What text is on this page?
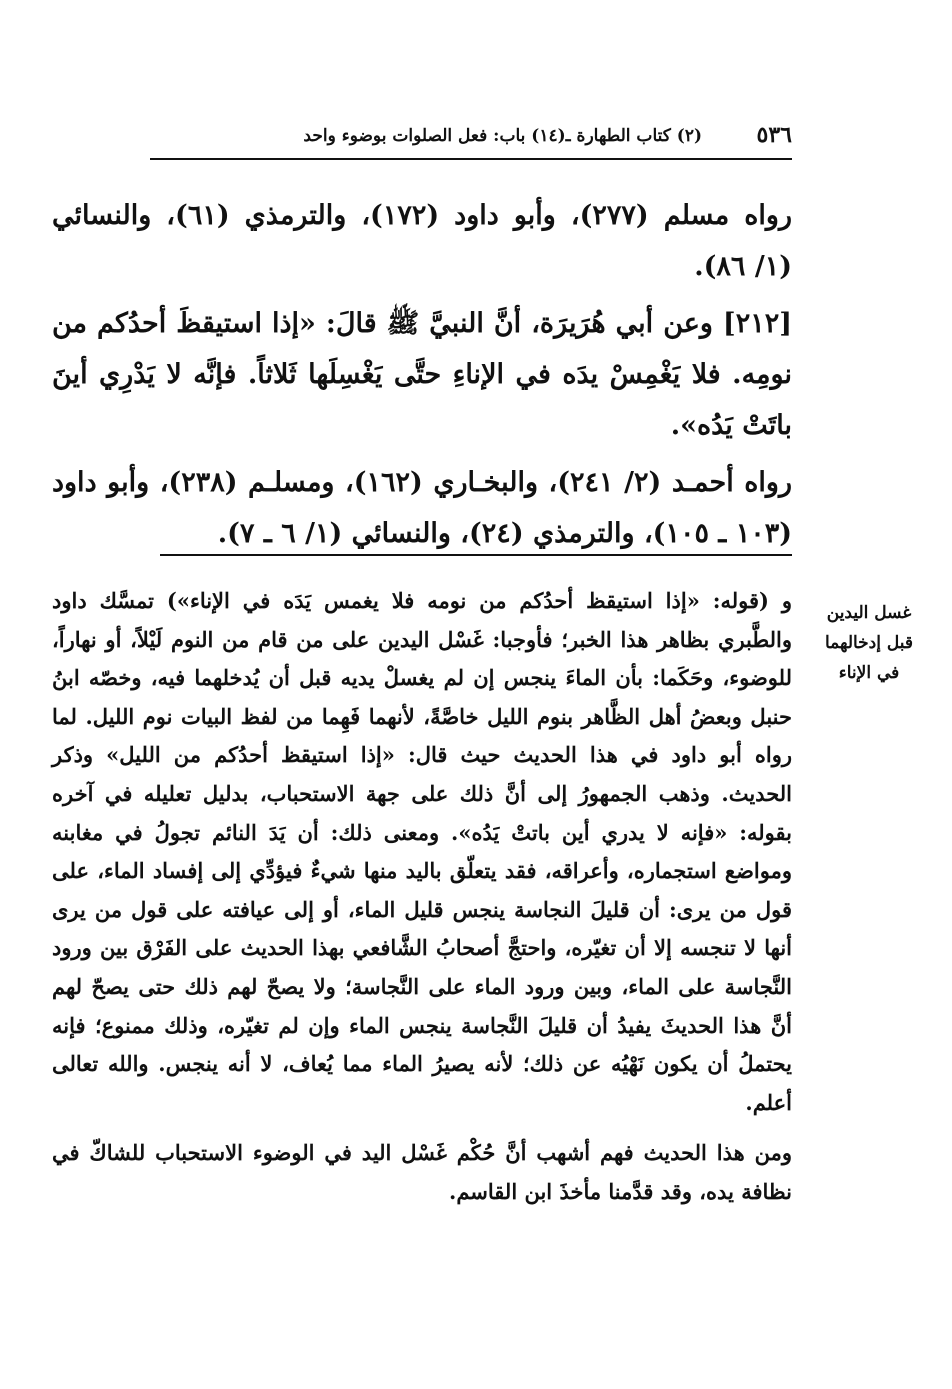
٥٣٦
(٢) كتاب الطهارة ـ(١٤) باب: فعل الصلوات بوضوء واحد

رواه مسلم (٢٧٧)، وأبو داود (١٧٢)، والترمذي (٦١)، والنسائي (١/ ٨٦).

[٢١٢] وعن أبي هُرَيرَة، أنَّ النبيَّ ﷺ قالَ: «إذا استيقظَ أحدُكم من نومِه. فلا يَغْمِسْ يدَه في الإناءِ حتَّى يَغْسِلَها ثَلاثاً. فإنَّه لا يَدْرِي أينَ باتَتْ يَدُه».

رواه أحمـد (٢/ ٢٤١)، والبخـاري (١٦٢)، ومسلـم (٢٣٨)، وأبو داود (١٠٣ ـ ١٠٥)، والترمذي (٢٤)، والنسائي (١/ ٦ ـ ٧).

غسل اليدين قبل إدخالهما في الإناء

و (قوله: «إذا استيقظ أحدُكم من نومه فلا يغمس يَدَه في الإناء») تمسَّك داود والطَّبري بظاهر هذا الخبر؛ فأوجبا: غَسْل اليدين على من قام من النوم لَيْلاً، أو نهاراً، للوضوء، وحَكَما: بأن الماءَ ينجس إن لم يغسلْ يديه قبل أن يُدخلهما فيه، وخصّه ابنُ حنبل وبعضُ أهل الظَّاهر بنوم الليل خاصَّةً، لأنهما فَهِما من لفظ البيات نوم الليل. لما رواه أبو داود في هذا الحديث حيث قال: «إذا استيقظ أحدُكم من الليل» وذكر الحديث. وذهب الجمهورُ إلى أنَّ ذلك على جهة الاستحباب، بدليل تعليله في آخره بقوله: «فإنه لا يدري أين باتتْ يَدُه». ومعنى ذلك: أن يَدَ النائم تجولُ في مغابنه ومواضع استجماره، وأعراقه، فقد يتعلّق باليد منها شيءٌ فيؤدِّي إلى إفساد الماء، على قول من يرى: أن قليلَ النجاسة ينجس قليل الماء، أو إلى عيافته على قول من يرى أنها لا تنجسه إلا أن تغيّره، واحتجَّ أصحابُ الشَّافعي بهذا الحديث على الفَرْق بين ورود النَّجاسة على الماء، وبين ورود الماء على النَّجاسة؛ ولا يصحّ لهم ذلك حتى يصحّ لهم أنَّ هذا الحديثَ يفيدُ أن قليلَ النَّجاسة ينجس الماء وإن لم تغيّره، وذلك ممنوع؛ فإنه يحتملُ أن يكون نَهْيُه عن ذلك؛ لأنه يصيرُ الماء مما يُعاف، لا أنه ينجس. والله تعالى أعلم.

ومن هذا الحديث فهم أشهب أنَّ حُكْم غَسْل اليد في الوضوء الاستحباب للشاكّ في نظافة يده، وقد قدَّمنا مأخذَ ابن القاسم.
